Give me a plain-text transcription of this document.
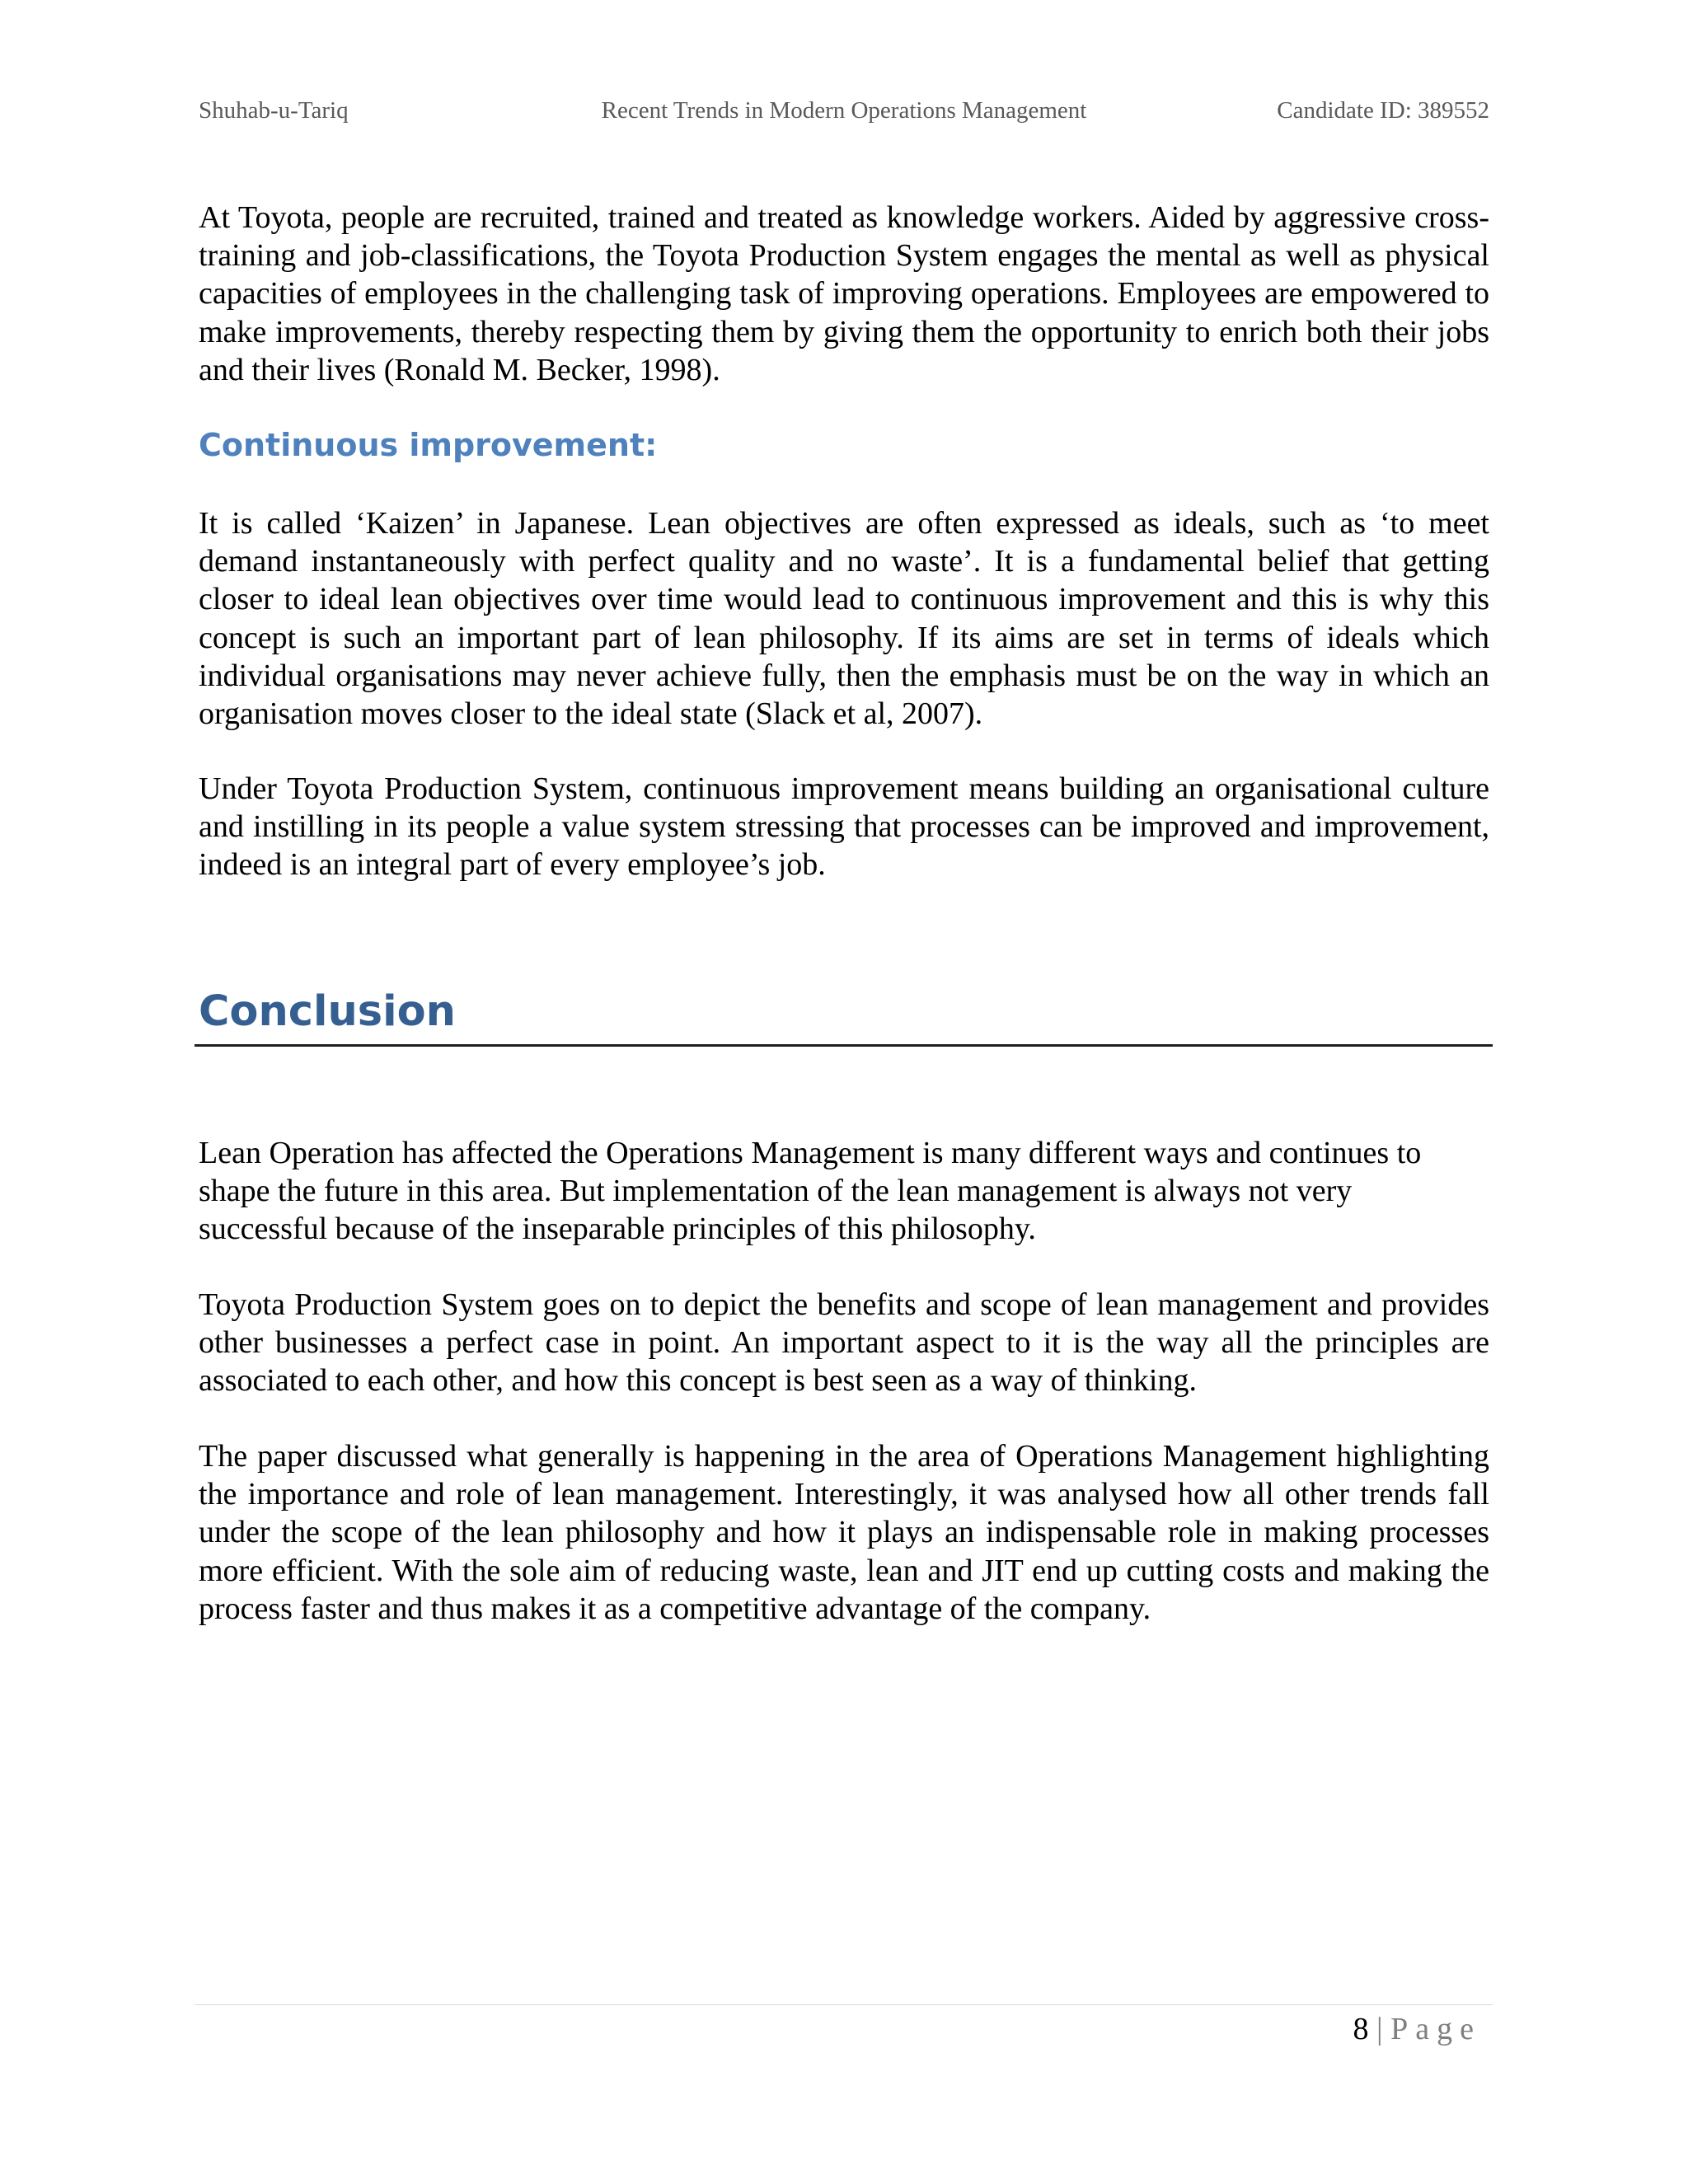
Shuhab-u-Tariq	Recent Trends in Modern Operations Management	Candidate ID: 389552

At Toyota, people are recruited, trained and treated as knowledge workers. Aided by aggressive cross-training and job-classifications, the Toyota Production System engages the mental as well as physical capacities of employees in the challenging task of improving operations. Employees are empowered to make improvements, thereby respecting them by giving them the opportunity to enrich both their jobs and their lives (Ronald M. Becker, 1998).

Continuous improvement:

It is called ‘Kaizen’ in Japanese. Lean objectives are often expressed as ideals, such as ‘to meet demand instantaneously with perfect quality and no waste’. It is a fundamental belief that getting closer to ideal lean objectives over time would lead to continuous improvement and this is why this concept is such an important part of lean philosophy. If its aims are set in terms of ideals which individual organisations may never achieve fully, then the emphasis must be on the way in which an organisation moves closer to the ideal state (Slack et al, 2007).

Under Toyota Production System, continuous improvement means building an organisational culture and instilling in its people a value system stressing that processes can be improved and improvement, indeed is an integral part of every employee’s job.

Conclusion

Lean Operation has affected the Operations Management is many different ways and continues to shape the future in this area. But implementation of the lean management is always not very successful because of the inseparable principles of this philosophy.

Toyota Production System goes on to depict the benefits and scope of lean management and provides other businesses a perfect case in point. An important aspect to it is the way all the principles are associated to each other, and how this concept is best seen as a way of thinking.

The paper discussed what generally is happening in the area of Operations Management highlighting the importance and role of lean management. Interestingly, it was analysed how all other trends fall under the scope of the lean philosophy and how it plays an indispensable role in making processes more efficient. With the sole aim of reducing waste, lean and JIT end up cutting costs and making the process faster and thus makes it as a competitive advantage of the company.

8 | Page
